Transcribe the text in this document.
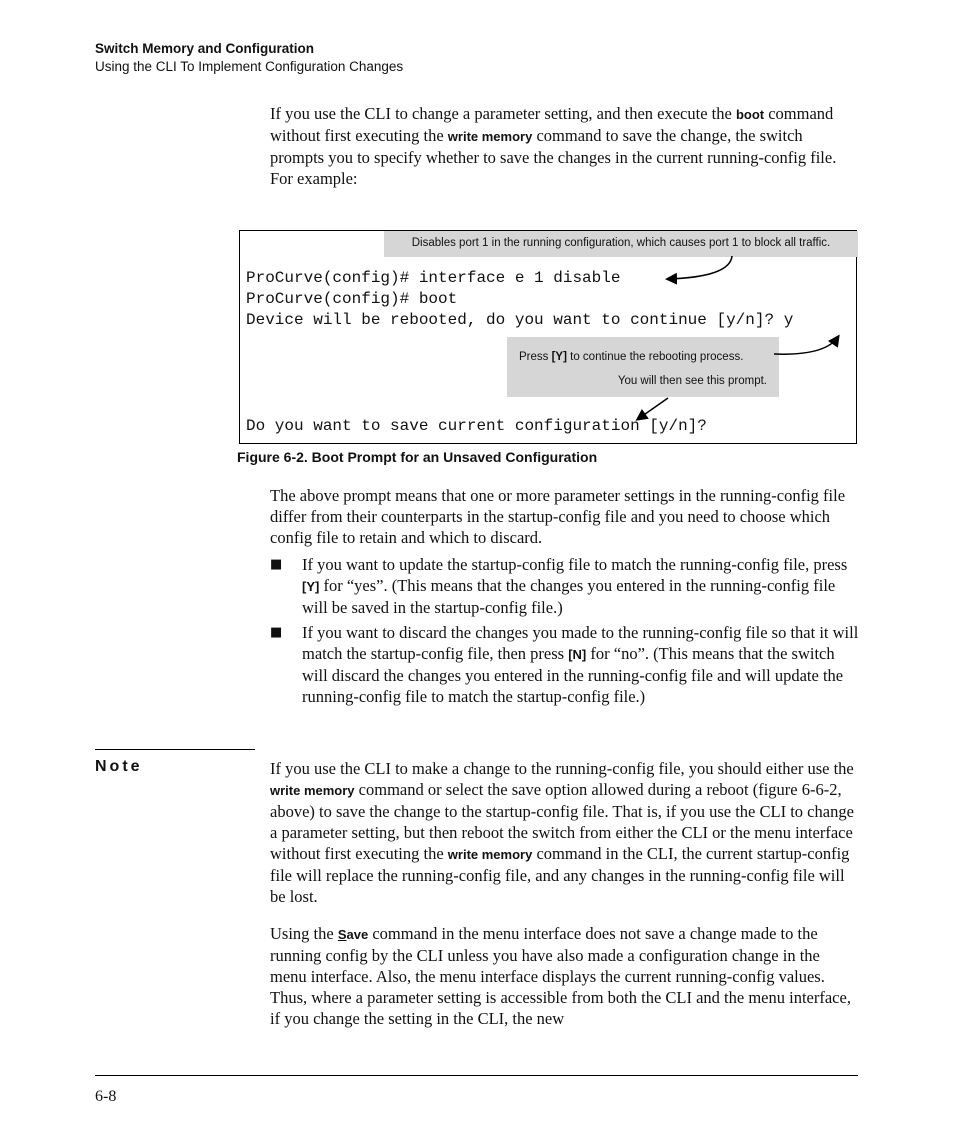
Switch Memory and Configuration
Using the CLI To Implement Configuration Changes

If you use the CLI to change a parameter setting, and then execute the boot command without first executing the write memory command to save the change, the switch prompts you to specify whether to save the changes in the current running-config file. For example:

Disables port 1 in the running configuration, which causes port 1 to block all traffic.
ProCurve(config)# interface e 1 disable
ProCurve(config)# boot
Device will be rebooted, do you want to continue [y/n]? y
Press [Y] to continue the rebooting process.
You will then see this prompt.
Do you want to save current configuration [y/n]?
Figure 6-2. Boot Prompt for an Unsaved Configuration

The above prompt means that one or more parameter settings in the running-config file differ from their counterparts in the startup-config file and you need to choose which config file to retain and which to discard.

■ If you want to update the startup-config file to match the running-config file, press [Y] for “yes”. (This means that the changes you entered in the running-config file will be saved in the startup-config file.)
■ If you want to discard the changes you made to the running-config file so that it will match the startup-config file, then press [N] for “no”. (This means that the switch will discard the changes you entered in the running-config file and will update the running-config file to match the startup-config file.)
Note	If you use the CLI to make a change to the running-config file, you should either use the write memory command or select the save option allowed during a reboot (figure 6-6-2, above) to save the change to the startup-config file. That is, if you use the CLI to change a parameter setting, but then reboot the switch from either the CLI or the menu interface without first executing the write memory command in the CLI, the current startup-config file will replace the running-config file, and any changes in the running-config file will be lost.

Using the Save command in the menu interface does not save a change made to the running config by the CLI unless you have also made a configuration change in the menu interface. Also, the menu interface displays the current running-config values. Thus, where a parameter setting is accessible from both the CLI and the menu interface, if you change the setting in the CLI, the new

6-8
